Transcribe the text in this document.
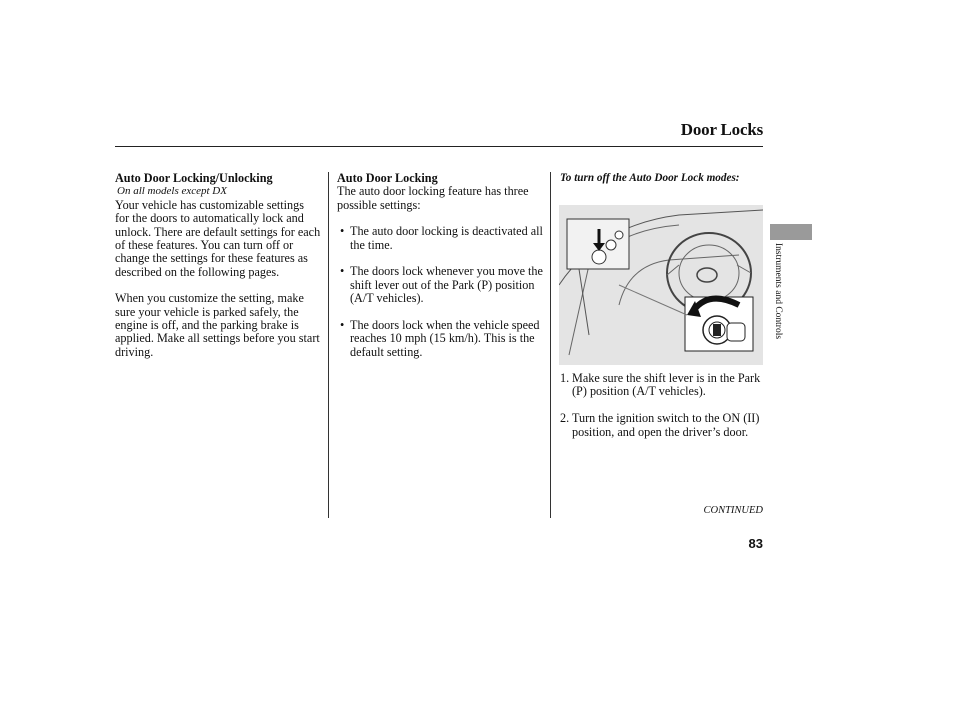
Door Locks
Auto Door Locking/Unlocking
On all models except DX

Your vehicle has customizable settings for the doors to automatically lock and unlock. There are default settings for each of these features. You can turn off or change the settings for these features as described on the following pages.

When you customize the setting, make sure your vehicle is parked safely, the engine is off, and the parking brake is applied. Make all settings before you start driving.

Auto Door Locking

The auto door locking feature has three possible settings:

• The auto door locking is deactivated all the time.
• The doors lock whenever you move the shift lever out of the Park (P) position (A/T vehicles).
• The doors lock when the vehicle speed reaches 10 mph (15 km/h). This is the default setting.
To turn off the Auto Door Lock modes:
1. Make sure the shift lever is in the Park (P) position (A/T vehicles).
2. Turn the ignition switch to the ON (II) position, and open the driver’s door.
CONTINUED
83
Instruments and Controls
